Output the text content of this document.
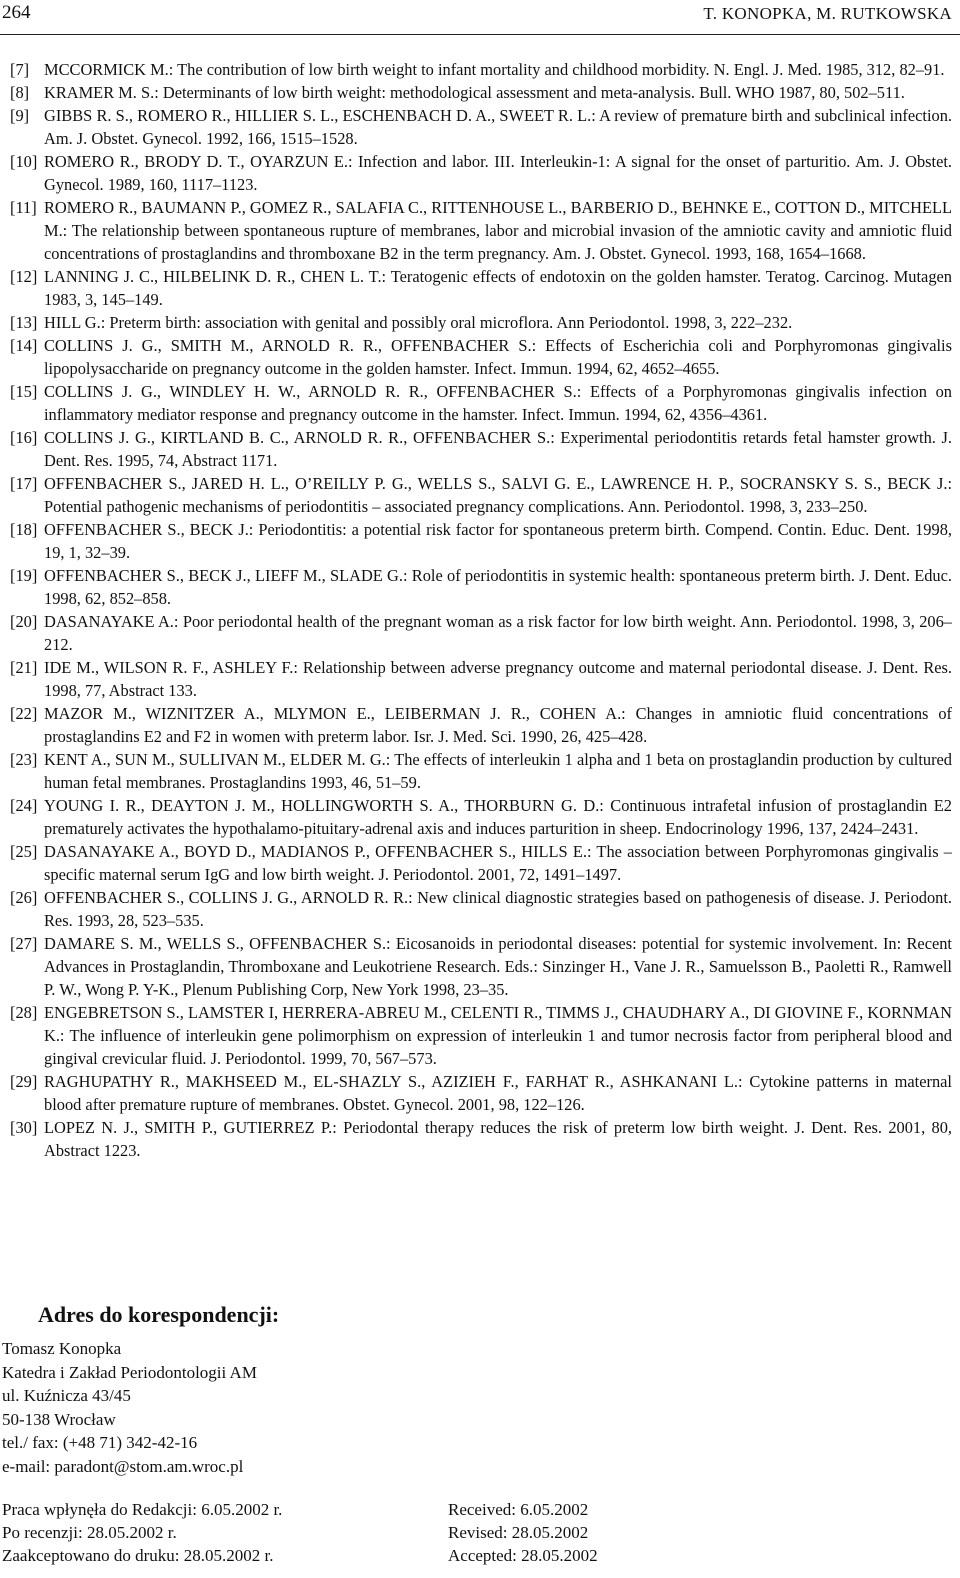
264	T. KONOPKA, M. RUTKOWSKA
[7] MCCORMICK M.: The contribution of low birth weight to infant mortality and childhood morbidity. N. Engl. J. Med. 1985, 312, 82–91.
[8] KRAMER M. S.: Determinants of low birth weight: methodological assessment and meta-analysis. Bull. WHO 1987, 80, 502–511.
[9] GIBBS R. S., ROMERO R., HILLIER S. L., ESCHENBACH D. A., SWEET R. L.: A review of premature birth and subclinical infection. Am. J. Obstet. Gynecol. 1992, 166, 1515–1528.
[10] ROMERO R., BRODY D. T., OYARZUN E.: Infection and labor. III. Interleukin-1: A signal for the onset of parturitio. Am. J. Obstet. Gynecol. 1989, 160, 1117–1123.
[11] ROMERO R., BAUMANN P., GOMEZ R., SALAFIA C., RITTENHOUSE L., BARBERIO D., BEHNKE E., COTTON D., MITCHELL M.: The relationship between spontaneous rupture of membranes, labor and microbial invasion of the amniotic cavity and amniotic fluid concentrations of prostaglandins and thromboxane B2 in the term pregnancy. Am. J. Obstet. Gynecol. 1993, 168, 1654–1668.
[12] LANNING J. C., HILBELINK D. R., CHEN L. T.: Teratogenic effects of endotoxin on the golden hamster. Teratog. Carcinog. Mutagen 1983, 3, 145–149.
[13] HILL G.: Preterm birth: association with genital and possibly oral microflora. Ann Periodontol. 1998, 3, 222–232.
[14] COLLINS J. G., SMITH M., ARNOLD R. R., OFFENBACHER S.: Effects of Escherichia coli and Porphyromonas gingivalis lipopolysaccharide on pregnancy outcome in the golden hamster. Infect. Immun. 1994, 62, 4652–4655.
[15] COLLINS J. G., WINDLEY H. W., ARNOLD R. R., OFFENBACHER S.: Effects of a Porphyromonas gingivalis infection on inflammatory mediator response and pregnancy outcome in the hamster. Infect. Immun. 1994, 62, 4356–4361.
[16] COLLINS J. G., KIRTLAND B. C., ARNOLD R. R., OFFENBACHER S.: Experimental periodontitis retards fetal hamster growth. J. Dent. Res. 1995, 74, Abstract 1171.
[17] OFFENBACHER S., JARED H. L., O’REILLY P. G., WELLS S., SALVI G. E., LAWRENCE H. P., SOCRANSKY S. S., BECK J.: Potential pathogenic mechanisms of periodontitis – associated pregnancy complications. Ann. Periodontol. 1998, 3, 233–250.
[18] OFFENBACHER S., BECK J.: Periodontitis: a potential risk factor for spontaneous preterm birth. Compend. Contin. Educ. Dent. 1998, 19, 1, 32–39.
[19] OFFENBACHER S., BECK J., LIEFF M., SLADE G.: Role of periodontitis in systemic health: spontaneous preterm birth. J. Dent. Educ. 1998, 62, 852–858.
[20] DASANAYAKE A.: Poor periodontal health of the pregnant woman as a risk factor for low birth weight. Ann. Periodontol. 1998, 3, 206–212.
[21] IDE M., WILSON R. F., ASHLEY F.: Relationship between adverse pregnancy outcome and maternal periodontal disease. J. Dent. Res. 1998, 77, Abstract 133.
[22] MAZOR M., WIZNITZER A., MLYMON E., LEIBERMAN J. R., COHEN A.: Changes in amniotic fluid concentrations of prostaglandins E2 and F2 in women with preterm labor. Isr. J. Med. Sci. 1990, 26, 425–428.
[23] KENT A., SUN M., SULLIVAN M., ELDER M. G.: The effects of interleukin 1 alpha and 1 beta on prostaglandin production by cultured human fetal membranes. Prostaglandins 1993, 46, 51–59.
[24] YOUNG I. R., DEAYTON J. M., HOLLINGWORTH S. A., THORBURN G. D.: Continuous intrafetal infusion of prostaglandin E2 prematurely activates the hypothalamo-pituitary-adrenal axis and induces parturition in sheep. Endocrinology 1996, 137, 2424–2431.
[25] DASANAYAKE A., BOYD D., MADIANOS P., OFFENBACHER S., HILLS E.: The association between Porphyromonas gingivalis – specific maternal serum IgG and low birth weight. J. Periodontol. 2001, 72, 1491–1497.
[26] OFFENBACHER S., COLLINS J. G., ARNOLD R. R.: New clinical diagnostic strategies based on pathogenesis of disease. J. Periodont. Res. 1993, 28, 523–535.
[27] DAMARE S. M., WELLS S., OFFENBACHER S.: Eicosanoids in periodontal diseases: potential for systemic involvement. In: Recent Advances in Prostaglandin, Thromboxane and Leukotriene Research. Eds.: Sinzinger H., Vane J. R., Samuelsson B., Paoletti R., Ramwell P. W., Wong P. Y-K., Plenum Publishing Corp, New York 1998, 23–35.
[28] ENGEBRETSON S., LAMSTER I, HERRERA-ABREU M., CELENTI R., TIMMS J., CHAUDHARY A., DI GIOVINE F., KORNMAN K.: The influence of interleukin gene polimorphism on expression of interleukin 1 and tumor necrosis factor from peripheral blood and gingival crevicular fluid. J. Periodontol. 1999, 70, 567–573.
[29] RAGHUPATHY R., MAKHSEED M., EL-SHAZLY S., AZIZIEH F., FARHAT R., ASHKANANI L.: Cytokine patterns in maternal blood after premature rupture of membranes. Obstet. Gynecol. 2001, 98, 122–126.
[30] LOPEZ N. J., SMITH P., GUTIERREZ P.: Periodontal therapy reduces the risk of preterm low birth weight. J. Dent. Res. 2001, 80, Abstract 1223.
Adres do korespondencji:
Tomasz Konopka
Katedra i Zakład Periodontologii AM
ul. Kuźnicza 43/45
50-138 Wrocław
tel./ fax: (+48 71) 342-42-16
e-mail: paradont@stom.am.wroc.pl
Praca wpłynęła do Redakcji: 6.05.2002 r.	Received: 6.05.2002
Po recenzji: 28.05.2002 r.	Revised: 28.05.2002
Zaakceptowano do druku: 28.05.2002 r.	Accepted: 28.05.2002
